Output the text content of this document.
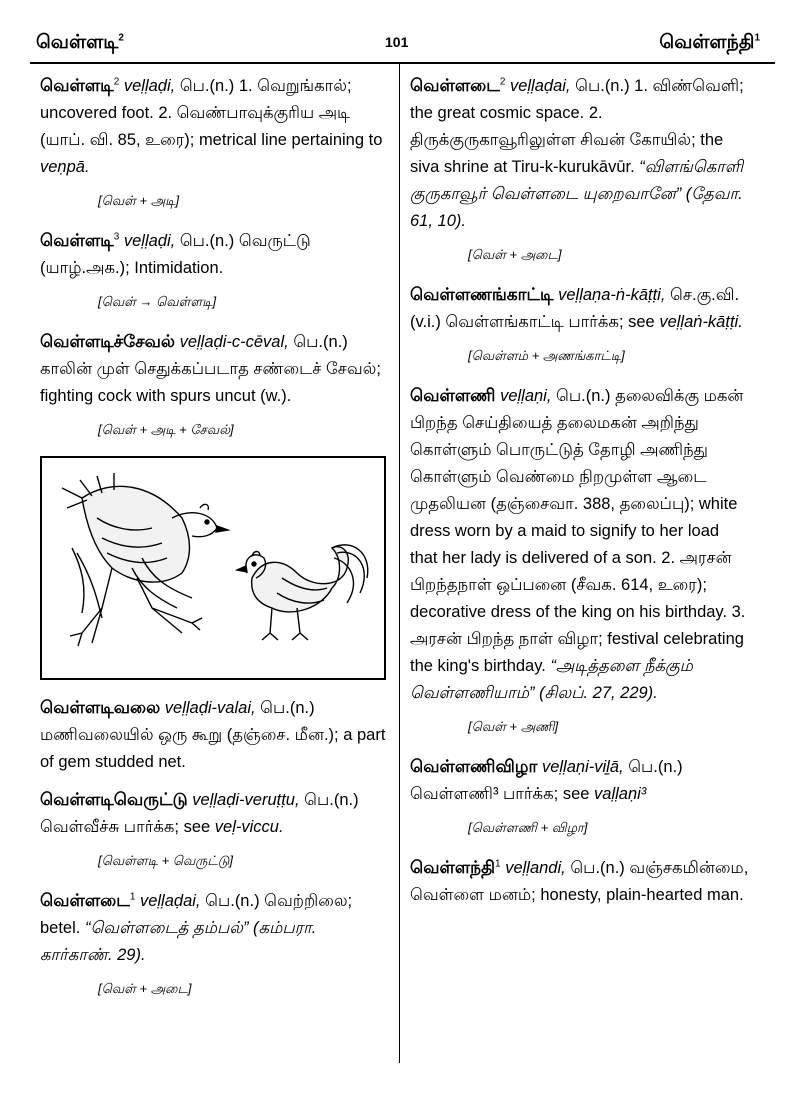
வெள்ளடி$^2$	101	வெள்ளந்தி$^1$
வெள்ளடி$^2$ veḷḷaḍi, பெ.(n.) 1. வெறுங்கால்; uncovered foot. 2. வெண்பாவுக்குரிய அடி (யாப். வி. 85, உரை); metrical line pertaining to veṇpā.
[வெள் + அடி]
வெள்ளடி$^3$ veḷḷaḍi, பெ.(n.) வெருட்டு (யாழ்.அக.); Intimidation.
[வெள் → வெள்ளடி]
வெள்ளடிச்சேவல் veḷḷaḍi-c-cēval, பெ.(n.) காலின் முள் செதுக்கப்படாத சண்டைச் சேவல்; fighting cock with spurs uncut (w.).
[வெள் + அடி + சேவல்]
வெள்ளடிவலை veḷḷaḍi-valai, பெ.(n.) மணிவலையில் ஒரு கூறு (தஞ்சை. மீன.); a part of gem studded net.
வெள்ளடிவெருட்டு veḷḷaḍi-veruṭṭu, பெ.(n.) வெள்வீச்சு பார்க்க; see veḷ-viccu.
[வெள்ளடி + வெருட்டு]
வெள்ளடை$^1$ veḷḷaḍai, பெ.(n.) வெற்றிலை; betel. “வெள்ளடைத் தம்பல்” (கம்பரா. கார்காண். 29).
[வெள் + அடை]
வெள்ளடை$^2$ veḷḷaḍai, பெ.(n.) 1. விண்வெளி; the great cosmic space. 2. திருக்குருகாவூரிலுள்ள சிவன் கோயில்; the siva shrine at Tiru-k-kurukāvūr. “விளங்கொளி குருகாவூர் வெள்ளடை யுறைவானே” (தேவா. 61, 10).
[வெள் + அடை]
வெள்ளணங்காட்டி veḷḷaṇa-ṅ-kāṭṭi, செ.கு.வி. (v.i.) வெள்ளங்காட்டி பார்க்க; see veḷḷaṅ-kāṭṭi.
[வெள்ளம் + அணங்காட்டி]
வெள்ளணி veḷḷaṇi, பெ.(n.) தலைவிக்கு மகன் பிறந்த செய்தியைத் தலைமகன் அறிந்து கொள்ளும் பொருட்டுத் தோழி அணிந்து கொள்ளும் வெண்மை நிறமுள்ள ஆடை முதலியன (தஞ்சைவா. 388, தலைப்பு); white dress worn by a maid to signify to her load that her lady is delivered of a son. 2. அரசன் பிறந்தநாள் ஒப்பனை (சீவக. 614, உரை); decorative dress of the king on his birthday. 3. அரசன் பிறந்த நாள் விழா; festival celebrating the king's birthday. “அடித்தளை நீக்கும் வெள்ளணியாம்” (சிலப். 27, 229).
[வெள் + அணி]
வெள்ளணிவிழா veḷḷaṇi-viḻā, பெ.(n.) வெள்ளணி³ பார்க்க; see vaḷḷaṇi³
[வெள்ளணி + விழா]
வெள்ளந்தி$^1$ veḷḷandi, பெ.(n.) வஞ்சகமின்மை, வெள்ளை மனம்; honesty, plain-hearted man.
